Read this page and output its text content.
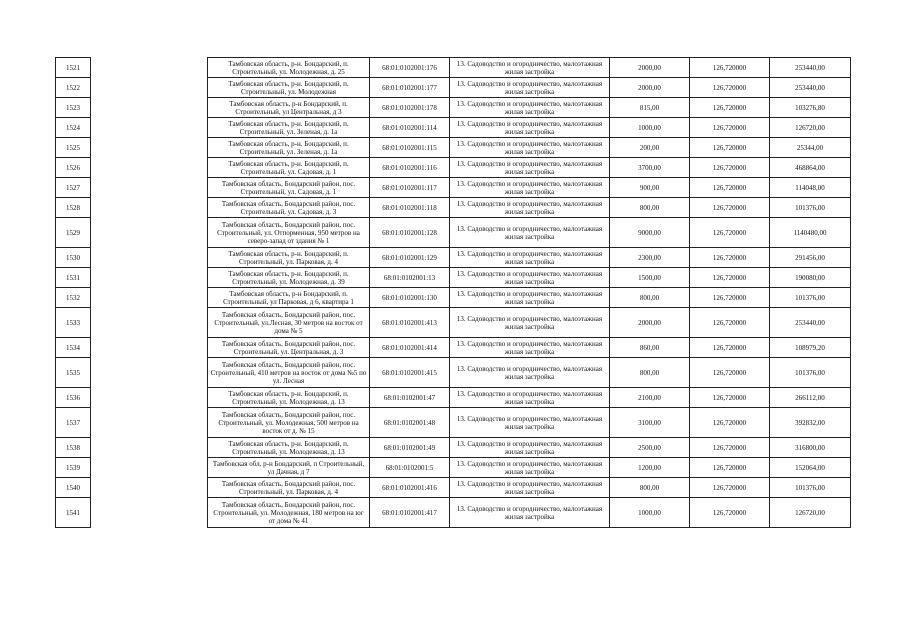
1521		Тамбовская область, р-н. Бондарский, п. Строительный, ул. Молодежная, д. 25	68:01:0102001:176	13. Садоводство и огородничество, малоэтажная жилая застройка	2000,00	126,720000	253440,00
1522		Тамбовская область, р-н. Бондарский, п. Строительный, ул. Молодежная	68:01:0102001:177	13. Садоводство и огородничество, малоэтажная жилая застройка	2000,00	126,720000	253440,00
1523		Тамбовская область, р-н Бондарский, п. Строительный, ул Центральная, д 3	68:01:0102001:178	13. Садоводство и огородничество, малоэтажная жилая застройка	815,00	126,720000	103276,80
1524		Тамбовская область, р-н. Бондарский, п. Строительный, ул. Зеленая, д. 1а	68:01:0102001:114	13. Садоводство и огородничество, малоэтажная жилая застройка	1000,00	126,720000	126720,00
1525		Тамбовская область, р-н. Бондарский, п. Строительный, ул. Зеленая, д. 1а	68:01:0102001:115	13. Садоводство и огородничество, малоэтажная жилая застройка	200,00	126,720000	25344,00
1526		Тамбовская область, р-н. Бондарский, п. Строительный, ул. Садовая, д. 1	68:01:0102001:116	13. Садоводство и огородничество, малоэтажная жилая застройка	3700,00	126,720000	468864,00
1527		Тамбовская область, Бондарский район, пос. Строительный, ул. Садовая, д. 1	68:01:0102001:117	13. Садоводство и огородничество, малоэтажная жилая застройка	900,00	126,720000	114048,00
1528		Тамбовская область, Бондарский район, пос. Строительный, ул. Садовая, д. 3	68:01:0102001:118	13. Садоводство и огородничество, малоэтажная жилая застройка	800,00	126,720000	101376,00
1529		Тамбовская область, Бондарский район, пос. Строительный, ул. Отпорменная, 950 метров на северо-запад от здания № 1	68:01:0102001:128	13. Садоводство и огородничество, малоэтажная жилая застройка	9000,00	126,720000	1140480,00
1530		Тамбовская область, р-н. Бондарский, п. Строительный, ул. Парковая, д. 4	68:01:0102001:129	13. Садоводство и огородничество, малоэтажная жилая застройка	2300,00	126,720000	291456,00
1531		Тамбовская область, р-н. Бондарский, п. Строительный, ул. Молодежная, д. 39	68:01:0102001:13	13. Садоводство и огородничество, малоэтажная жилая застройка	1500,00	126,720000	190080,00
1532		Тамбовская область, р-н Бондарский, п. Строительный, ул Парковая, д 6, квартира 1	68:01:0102001:130	13. Садоводство и огородничество, малоэтажная жилая застройка	800,00	126,720000	101376,00
1533		Тамбовская область, Бондарский район, пос. Строительный, ул.Лесная, 30 метров на восток от дома № 5	68:01:0102001:413	13. Садоводство и огородничество, малоэтажная жилая застройка	2000,00	126,720000	253440,00
1534		Тамбовская область, Бондарский район, пос. Строительный, ул. Центральная, д. 3	68:01:0102001:414	13. Садоводство и огородничество, малоэтажная жилая застройка	860,00	126,720000	108979,20
1535		Тамбовская область, Бондарский район, пос. Строительный, 410 метров на восток от дома №5 по ул. Лесная	68:01:0102001:415	13. Садоводство и огородничество, малоэтажная жилая застройка	800,00	126,720000	101376,00
1536		Тамбовская область, р-н. Бондарский, п. Строительный, ул. Молодежная, д. 13	68:01:0102001:47	13. Садоводство и огородничество, малоэтажная жилая застройка	2100,00	126,720000	266112,00
1537		Тамбовская область, Бондарский район, пос. Строительный, ул. Молодежная, 500 метров на восток от д. № 15	68:01:0102001:48	13. Садоводство и огородничество, малоэтажная жилая застройка	3100,00	126,720000	392832,00
1538		Тамбовская область, р-н. Бондарский, п. Строительный, ул. Молодежная, д. 13	68:01:0102001:49	13. Садоводство и огородничество, малоэтажная жилая застройка	2500,00	126,720000	316800,00
1539		Тамбовская обл, р-н Бондарский, п Строительный, ул Дачная, д 7	68:01:0102001:5	13. Садоводство и огородничество, малоэтажная жилая застройка	1200,00	126,720000	152064,00
1540		Тамбовская область, Бондарский район, пос. Строительный, ул. Парковая, д. 4	68:01:0102001:416	13. Садоводство и огородничество, малоэтажная жилая застройка	800,00	126,720000	101376,00
1541		Тамбовская область, Бондарский район, пос. Строительный, ул. Молодежная, 180 метров на юг от дома № 41	68:01:0102001:417	13. Садоводство и огородничество, малоэтажная жилая застройка	1000,00	126,720000	126720,00
